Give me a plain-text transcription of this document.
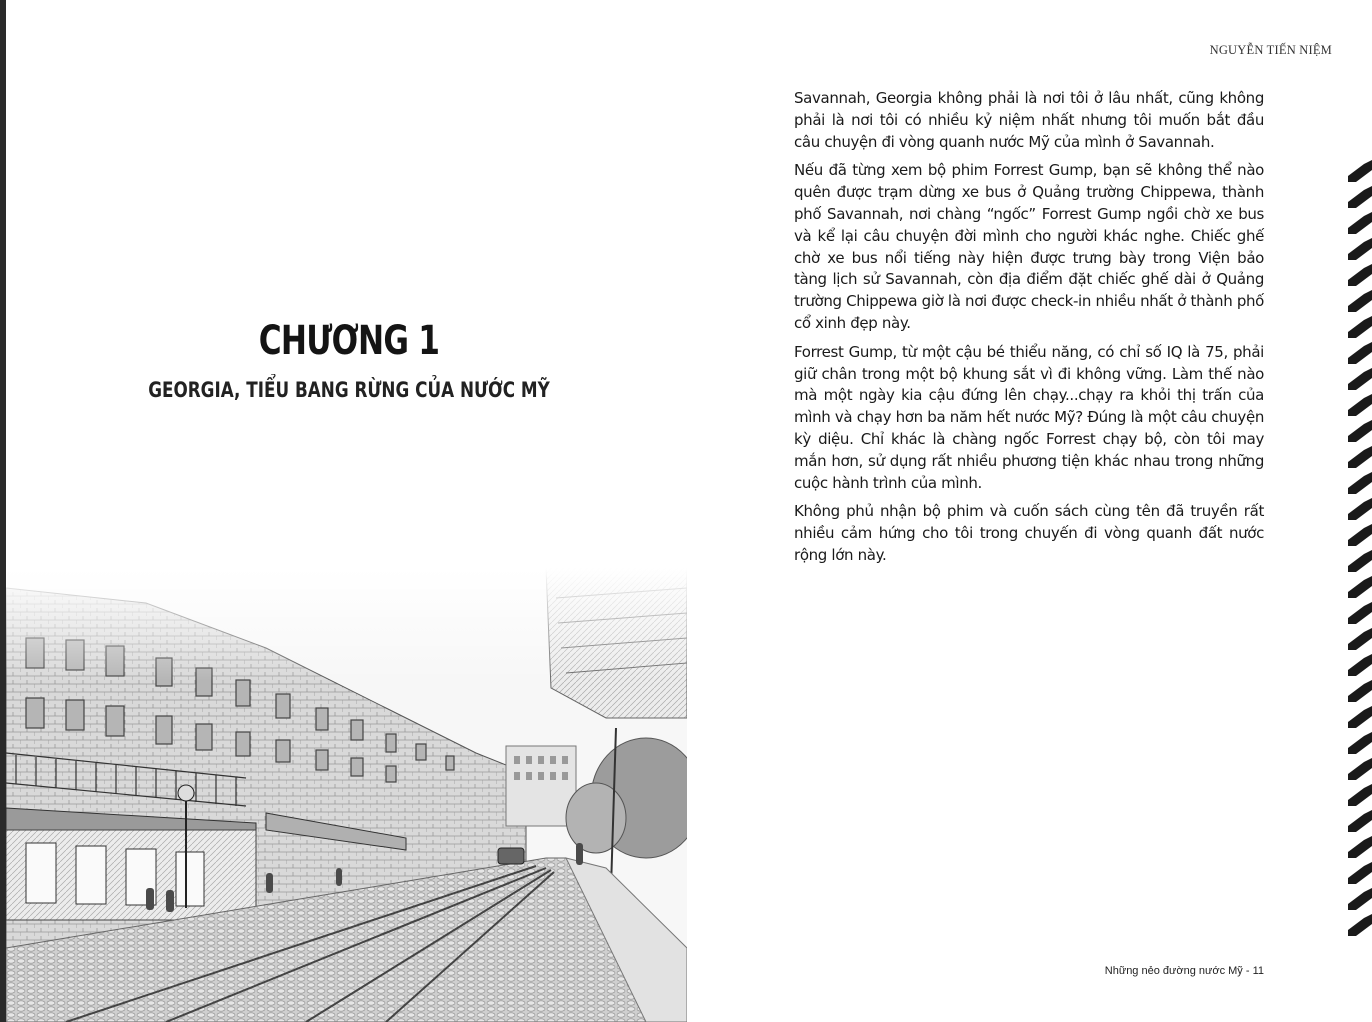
CHƯƠNG 1
GEORGIA, TIỂU BANG RỪNG CỦA NƯỚC MỸ
NGUYỄN TIẾN NIỆM

Savannah, Georgia không phải là nơi tôi ở lâu nhất, cũng không phải là nơi tôi có nhiều kỷ niệm nhất nhưng tôi muốn bắt đầu câu chuyện đi vòng quanh nước Mỹ của mình ở Savannah.

Nếu đã từng xem bộ phim Forrest Gump, bạn sẽ không thể nào quên được trạm dừng xe bus ở Quảng trường Chippewa, thành phố Savannah, nơi chàng “ngốc” Forrest Gump ngồi chờ xe bus và kể lại câu chuyện đời mình cho người khác nghe. Chiếc ghế chờ xe bus nổi tiếng này hiện được trưng bày trong Viện bảo tàng lịch sử Savannah, còn địa điểm đặt chiếc ghế dài ở Quảng trường Chippewa giờ là nơi được check-in nhiều nhất ở thành phố cổ xinh đẹp này.

Forrest Gump, từ một cậu bé thiểu năng, có chỉ số IQ là 75, phải giữ chân trong một bộ khung sắt vì đi không vững. Làm thế nào mà một ngày kia cậu đứng lên chạy...chạy ra khỏi thị trấn của mình và chạy hơn ba năm hết nước Mỹ? Đúng là một câu chuyện kỳ diệu. Chỉ khác là chàng ngốc Forrest chạy bộ, còn tôi may mắn hơn, sử dụng rất nhiều phương tiện khác nhau trong những cuộc hành trình của mình.

Không phủ nhận bộ phim và cuốn sách cùng tên đã truyền rất nhiều cảm hứng cho tôi trong chuyến đi vòng quanh đất nước rộng lớn này.

Những nẻo đường nước Mỹ - 11
